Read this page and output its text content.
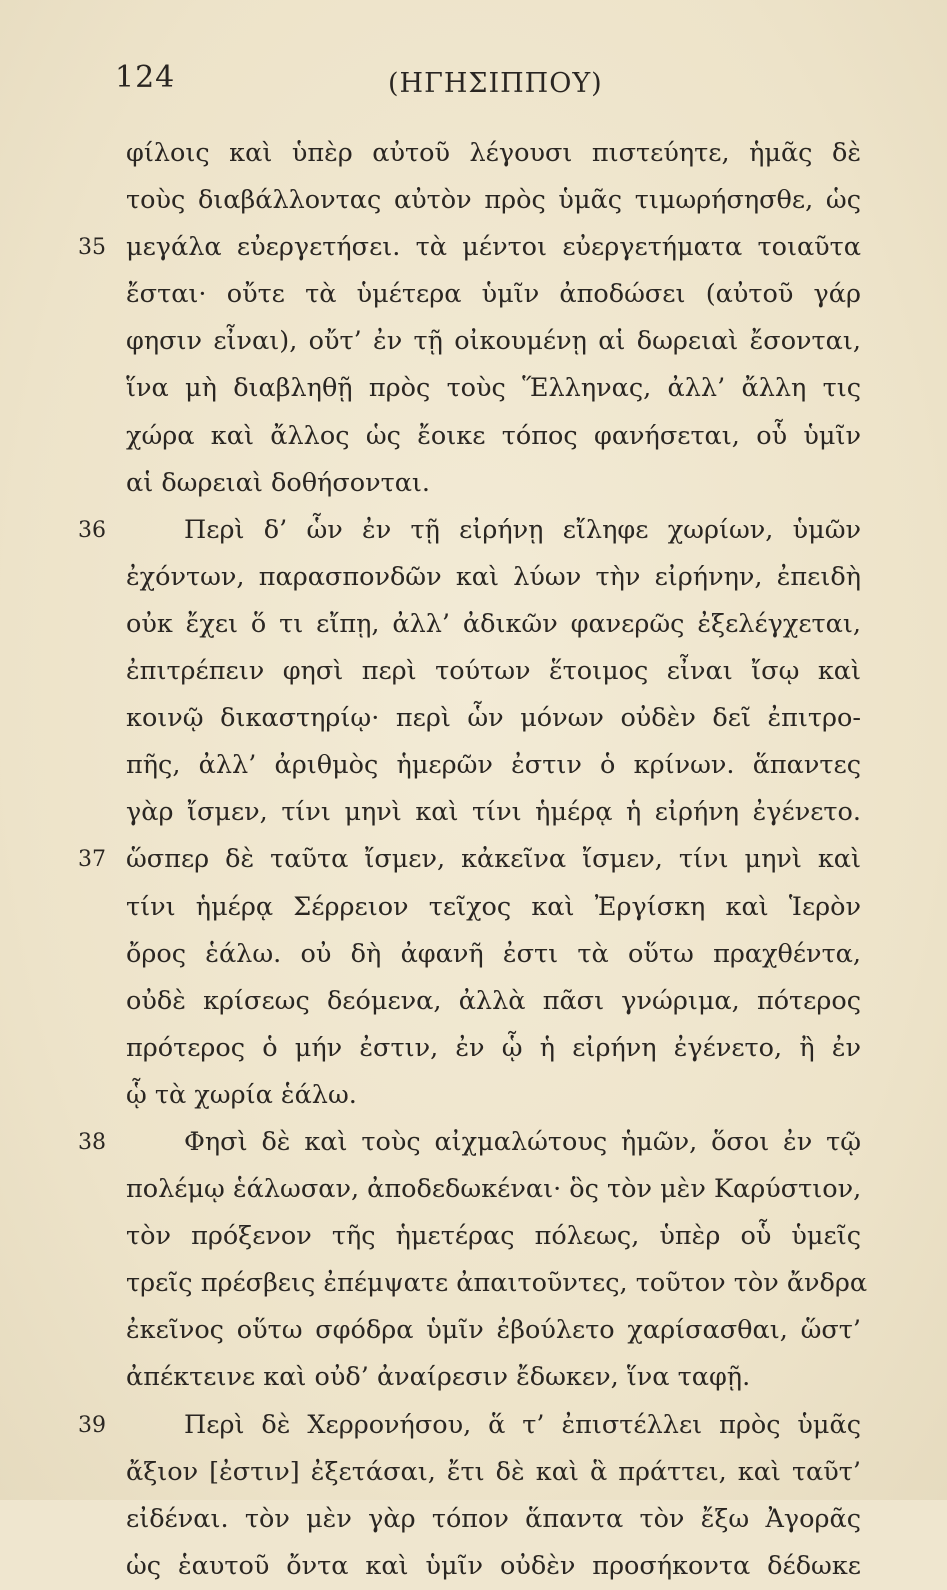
124	(ΗΓΗΣΙΠΠΟΥ)
φίλοις καὶ ὑπὲρ αὐτοῦ λέγουσι πιστεύητε, ἡμᾶς δὲ
τοὺς διαβάλλοντας αὐτὸν πρὸς ὑμᾶς τιμωρήσησθε, ὡς
35 μεγάλα εὐεργετήσει. τὰ μέντοι εὐεργετήματα τοιαῦτα
ἔσται· οὔτε τὰ ὑμέτερα ὑμῖν ἀποδώσει (αὐτοῦ γάρ
φησιν εἶναι), οὔτ’ ἐν τῇ οἰκουμένῃ αἱ δωρειαὶ ἔσονται,
ἵνα μὴ διαβληθῇ πρὸς τοὺς Ἕλληνας, ἀλλ’ ἄλλη τις
χώρα καὶ ἄλλος ὡς ἔοικε τόπος φανήσεται, οὗ ὑμῖν
αἱ δωρειαὶ δοθήσονται.
36	Περὶ δ’ ὧν ἐν τῇ εἰρήνῃ εἴληφε χωρίων, ὑμῶν
ἐχόντων, παρασπονδῶν καὶ λύων τὴν εἰρήνην, ἐπειδὴ
οὐκ ἔχει ὅ τι εἴπῃ, ἀλλ’ ἀδικῶν φανερῶς ἐξελέγχεται,
ἐπιτρέπειν φησὶ περὶ τούτων ἕτοιμος εἶναι ἴσῳ καὶ
κοινῷ δικαστηρίῳ· περὶ ὧν μόνων οὐδὲν δεῖ ἐπιτρο-
πῆς, ἀλλ’ ἀριθμὸς ἡμερῶν ἐστιν ὁ κρίνων. ἅπαντες
γὰρ ἴσμεν, τίνι μηνὶ καὶ τίνι ἡμέρᾳ ἡ εἰρήνη ἐγένετο.
37 ὥσπερ δὲ ταῦτα ἴσμεν, κἀκεῖνα ἴσμεν, τίνι μηνὶ καὶ
τίνι ἡμέρᾳ Σέρρειον τεῖχος καὶ Ἐργίσκη καὶ Ἱερὸν
ὄρος ἑάλω. οὐ δὴ ἀφανῆ ἐστι τὰ οὕτω πραχθέντα,
οὐδὲ κρίσεως δεόμενα, ἀλλὰ πᾶσι γνώριμα, πότερος
πρότερος ὁ μήν ἐστιν, ἐν ᾧ ἡ εἰρήνη ἐγένετο, ἢ ἐν
ᾧ τὰ χωρία ἑάλω.
38	Φησὶ δὲ καὶ τοὺς αἰχμαλώτους ἡμῶν, ὅσοι ἐν τῷ
πολέμῳ ἑάλωσαν, ἀποδεδωκέναι· ὃς τὸν μὲν Καρύστιον,
τὸν πρόξενον τῆς ἡμετέρας πόλεως, ὑπὲρ οὗ ὑμεῖς
τρεῖς πρέσβεις ἐπέμψατε ἀπαιτοῦντες, τοῦτον τὸν ἄνδρα
ἐκεῖνος οὕτω σφόδρα ὑμῖν ἐβούλετο χαρίσασθαι, ὥστ’
ἀπέκτεινε καὶ οὐδ’ ἀναίρεσιν ἔδωκεν, ἵνα ταφῇ.
39	Περὶ δὲ Χερρονήσου, ἅ τ’ ἐπιστέλλει πρὸς ὑμᾶς
ἄξιον [ἐστιν] ἐξετάσαι, ἔτι δὲ καὶ ἃ πράττει, καὶ ταῦτ’
εἰδέναι. τὸν μὲν γὰρ τόπον ἅπαντα τὸν ἔξω Ἀγορᾶς
ὡς ἑαυτοῦ ὄντα καὶ ὑμῖν οὐδὲν προσήκοντα δέδωκε
